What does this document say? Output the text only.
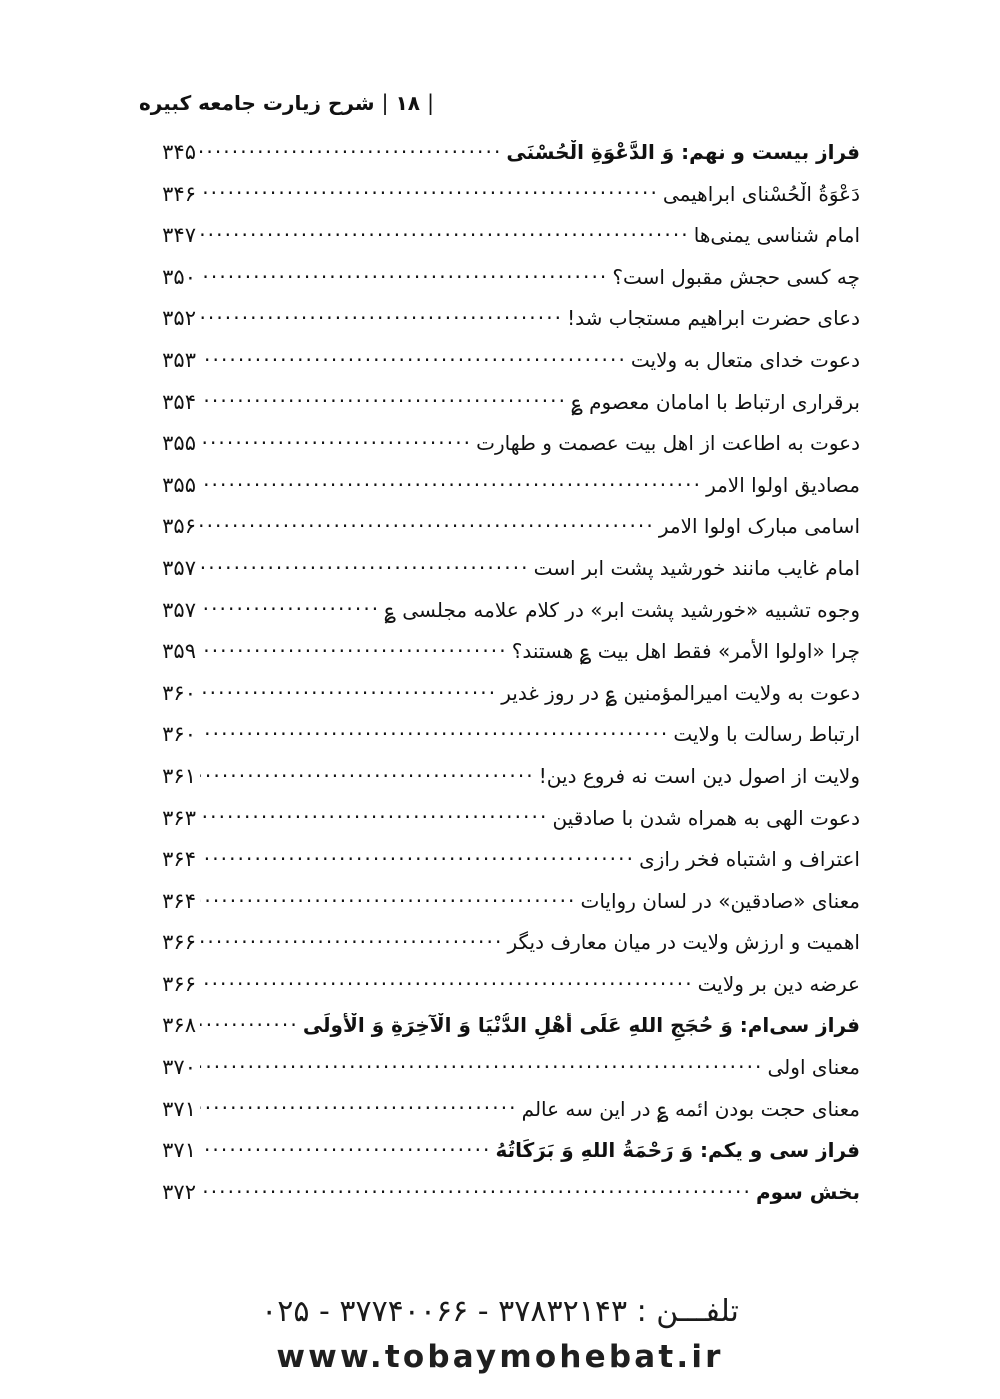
|
۱۸
|
شرح زیارت جامعه کبیره
فراز بیست و نهم: وَ الدَّعْوَةِ الْحُسْنَی
.....
۳۴۵
دَعْوَةُ الْحُسْنای ابراهیمی
.....
۳۴۶
امام شناسی یمنی‌ها
.....
۳۴۷
چه کسی حجش مقبول است؟
.....
۳۵۰
دعای حضرت ابراهیم مستجاب شد!
.....
۳۵۲
دعوت خدای متعال به ولایت
.....
۳۵۳
برقراری ارتباط با امامان معصوم ؏
.....
۳۵۴
دعوت به اطاعت از اهل بیت عصمت و طهارت
.....
۳۵۵
مصادیق اولوا الامر
.....
۳۵۵
اسامی مبارک اولوا الامر
.....
۳۵۶
امام غایب مانند خورشید پشت ابر است
.....
۳۵۷
وجوه تشبیه «خورشید پشت ابر» در کلام علامه مجلسی ؏
.....
۳۵۷
چرا «اولوا الأمر» فقط اهل بیت ؏ هستند؟
.....
۳۵۹
دعوت به ولایت امیرالمؤمنین ؏ در روز غدیر
.....
۳۶۰
ارتباط رسالت با ولایت
.....
۳۶۰
ولایت از اصول دین است نه فروع دین!
.....
۳۶۱
دعوت الهی به همراه شدن با صادقین
.....
۳۶۳
اعتراف و اشتباه فخر رازی
.....
۳۶۴
معنای «صادقین» در لسان روایات
.....
۳۶۴
اهمیت و ارزش ولایت در میان معارف دیگر
.....
۳۶۶
عرضه دین بر ولایت
.....
۳۶۶
فراز سی‌ام: وَ حُجَجِ اللهِ عَلَی أَهْلِ الدُّنْیَا وَ الْآخِرَةِ وَ الْأُولَی
.....
۳۶۸
معنای اولی
.....
۳۷۰
معنای حجت بودن ائمه ؏ در این سه عالم
.....
۳۷۱
فراز سی و یکم: وَ رَحْمَةُ اللهِ وَ بَرَكَاتُهُ
.....
۳۷۱
بخش سوم
.....
۳۷۲
تلفـــن : ۳۷۸۳۲۱۴۳ - ۳۷۷۴۰۰۶۶ - ۰۲۵
www.tobaymohebat.ir
